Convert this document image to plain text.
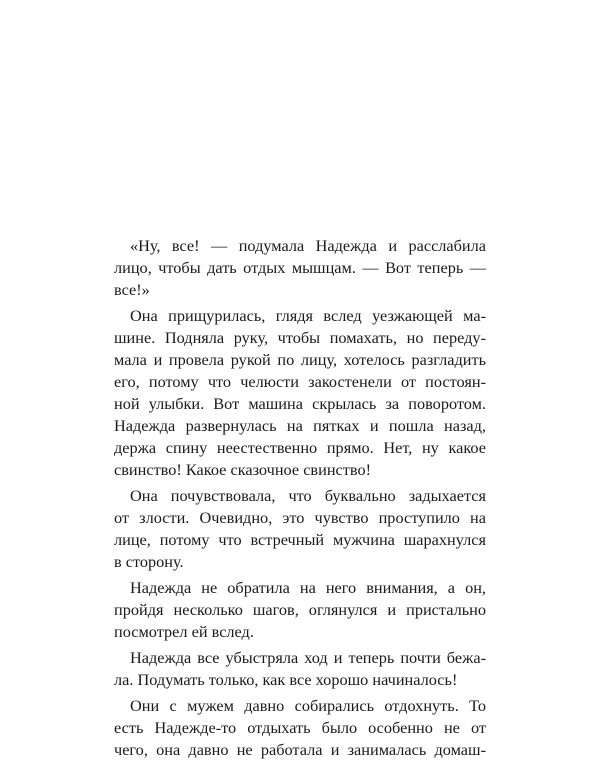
«Ну, все! — подумала Надежда и расслабила
лицо, чтобы дать отдых мышцам. — Вот теперь —
все!»
Она прищурилась, глядя вслед уезжающей ма-
шине. Подняла руку, чтобы помахать, но переду-
мала и провела рукой по лицу, хотелось разгладить
его, потому что челюсти закостенели от постоян-
ной улыбки. Вот машина скрылась за поворотом.
Надежда развернулась на пятках и пошла назад,
держа спину неестественно прямо. Нет, ну какое
свинство! Какое сказочное свинство!
Она почувствовала, что буквально задыхается
от злости. Очевидно, это чувство проступило на
лице, потому что встречный мужчина шарахнулся
в сторону.
Надежда не обратила на него внимания, а он,
пройдя несколько шагов, оглянулся и пристально
посмотрел ей вслед.
Надежда все убыстряла ход и теперь почти бежа-
ла. Подумать только, как все хорошо начиналось!
Они с мужем давно собирались отдохнуть. То
есть Надежде-то отдыхать было особенно не от
чего, она давно не работала и занималась домаш-
